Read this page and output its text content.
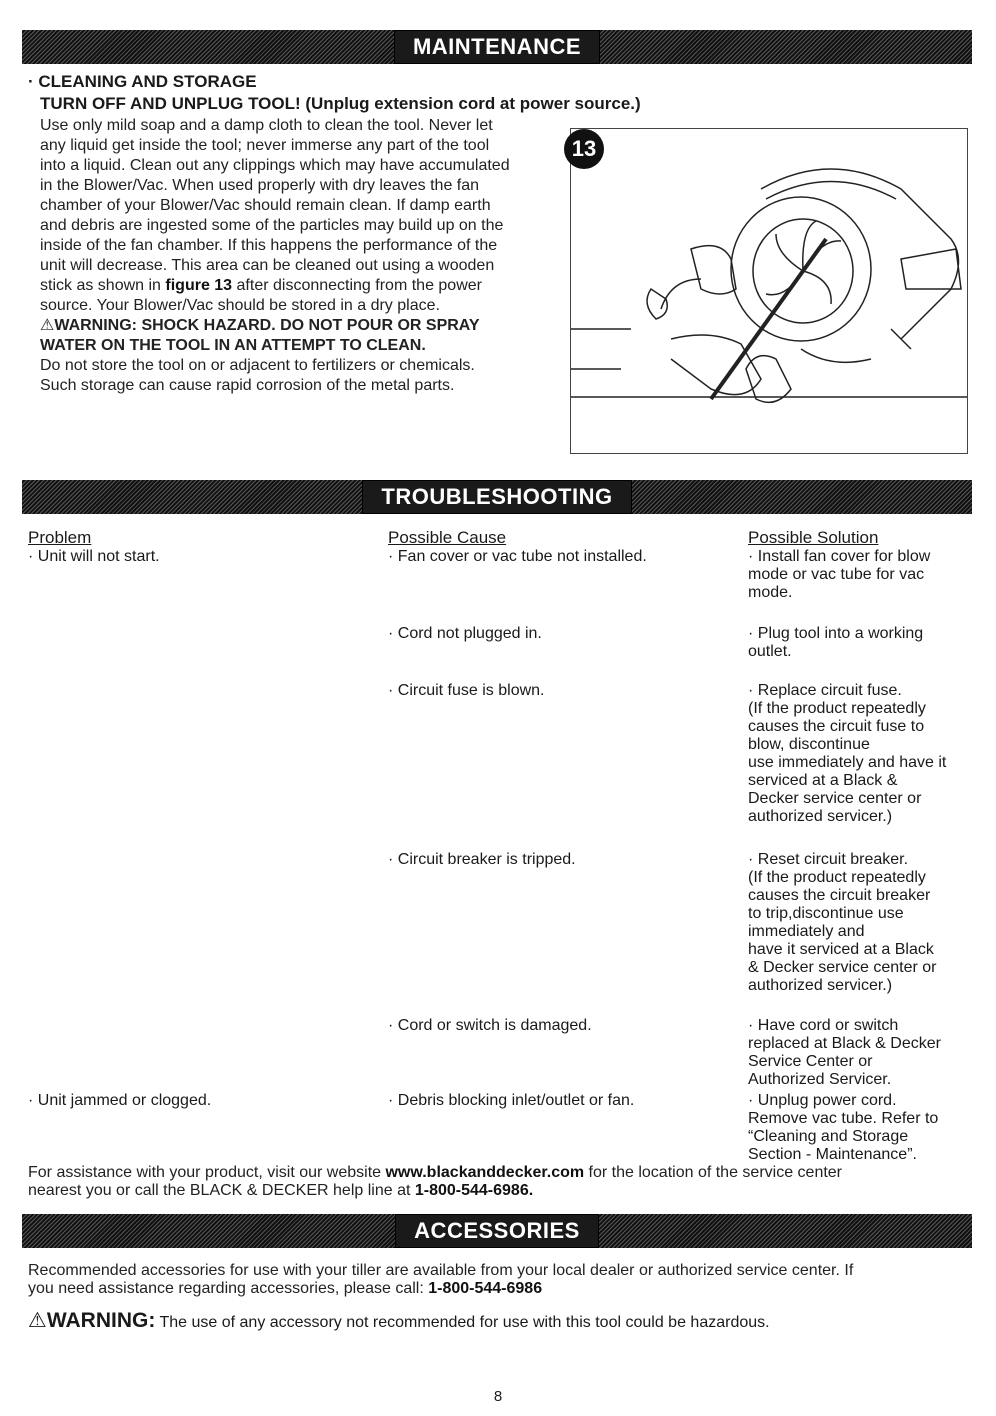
MAINTENANCE
· CLEANING AND STORAGE
TURN OFF AND UNPLUG TOOL! (Unplug extension cord at power source.)
Use only mild soap and a damp cloth to clean the tool. Never let
any liquid get inside the tool; never immerse any part of the tool
into a liquid. Clean out any clippings which may have accumulated
in the Blower/Vac. When used properly with dry leaves the fan
chamber of your Blower/Vac should remain clean. If damp earth
and debris are ingested some of the particles may build up on the
inside of the fan chamber. If this happens the performance of the
unit will decrease. This area can be cleaned out using a wooden
stick as shown in figure 13 after disconnecting from the power
source. Your Blower/Vac should be stored in a dry place.
⚠WARNING: SHOCK HAZARD. DO NOT POUR OR SPRAY
WATER ON THE TOOL IN AN ATTEMPT TO CLEAN.
Do not store the tool on or adjacent to fertilizers or chemicals.
Such storage can cause rapid corrosion of the metal parts.
13
TROUBLESHOOTING
Problem	Possible Cause	Possible Solution
· Unit will not start.
· Unit jammed or clogged.
· Fan cover or vac tube not installed.
· Cord not plugged in.
· Circuit fuse is blown.
· Circuit breaker is tripped.
· Cord or switch is damaged.
· Debris blocking inlet/outlet or fan.
· Install fan cover for blow
mode or vac tube for vac
mode.
· Plug tool into a working
outlet.
· Replace circuit fuse.
(If the product repeatedly
causes the circuit fuse to
blow, discontinue
use immediately and have it
serviced at a Black &
Decker service center or
authorized servicer.)
· Reset circuit breaker.
(If the product repeatedly
causes the circuit breaker
to trip,discontinue use
immediately and
have it serviced at a Black
& Decker service center or
authorized servicer.)
· Have cord or switch
replaced at Black & Decker
Service Center or
Authorized Servicer.
· Unplug power cord.
Remove vac tube. Refer to
“Cleaning and Storage
Section - Maintenance”.
For assistance with your product, visit our website www.blackanddecker.com for the location of the service center
nearest you or call the BLACK & DECKER help line at 1-800-544-6986.
ACCESSORIES
Recommended accessories for use with your tiller are available from your local dealer or authorized service center. If
you need assistance regarding accessories, please call: 1-800-544-6986
⚠WARNING: The use of any accessory not recommended for use with this tool could be hazardous.
8
